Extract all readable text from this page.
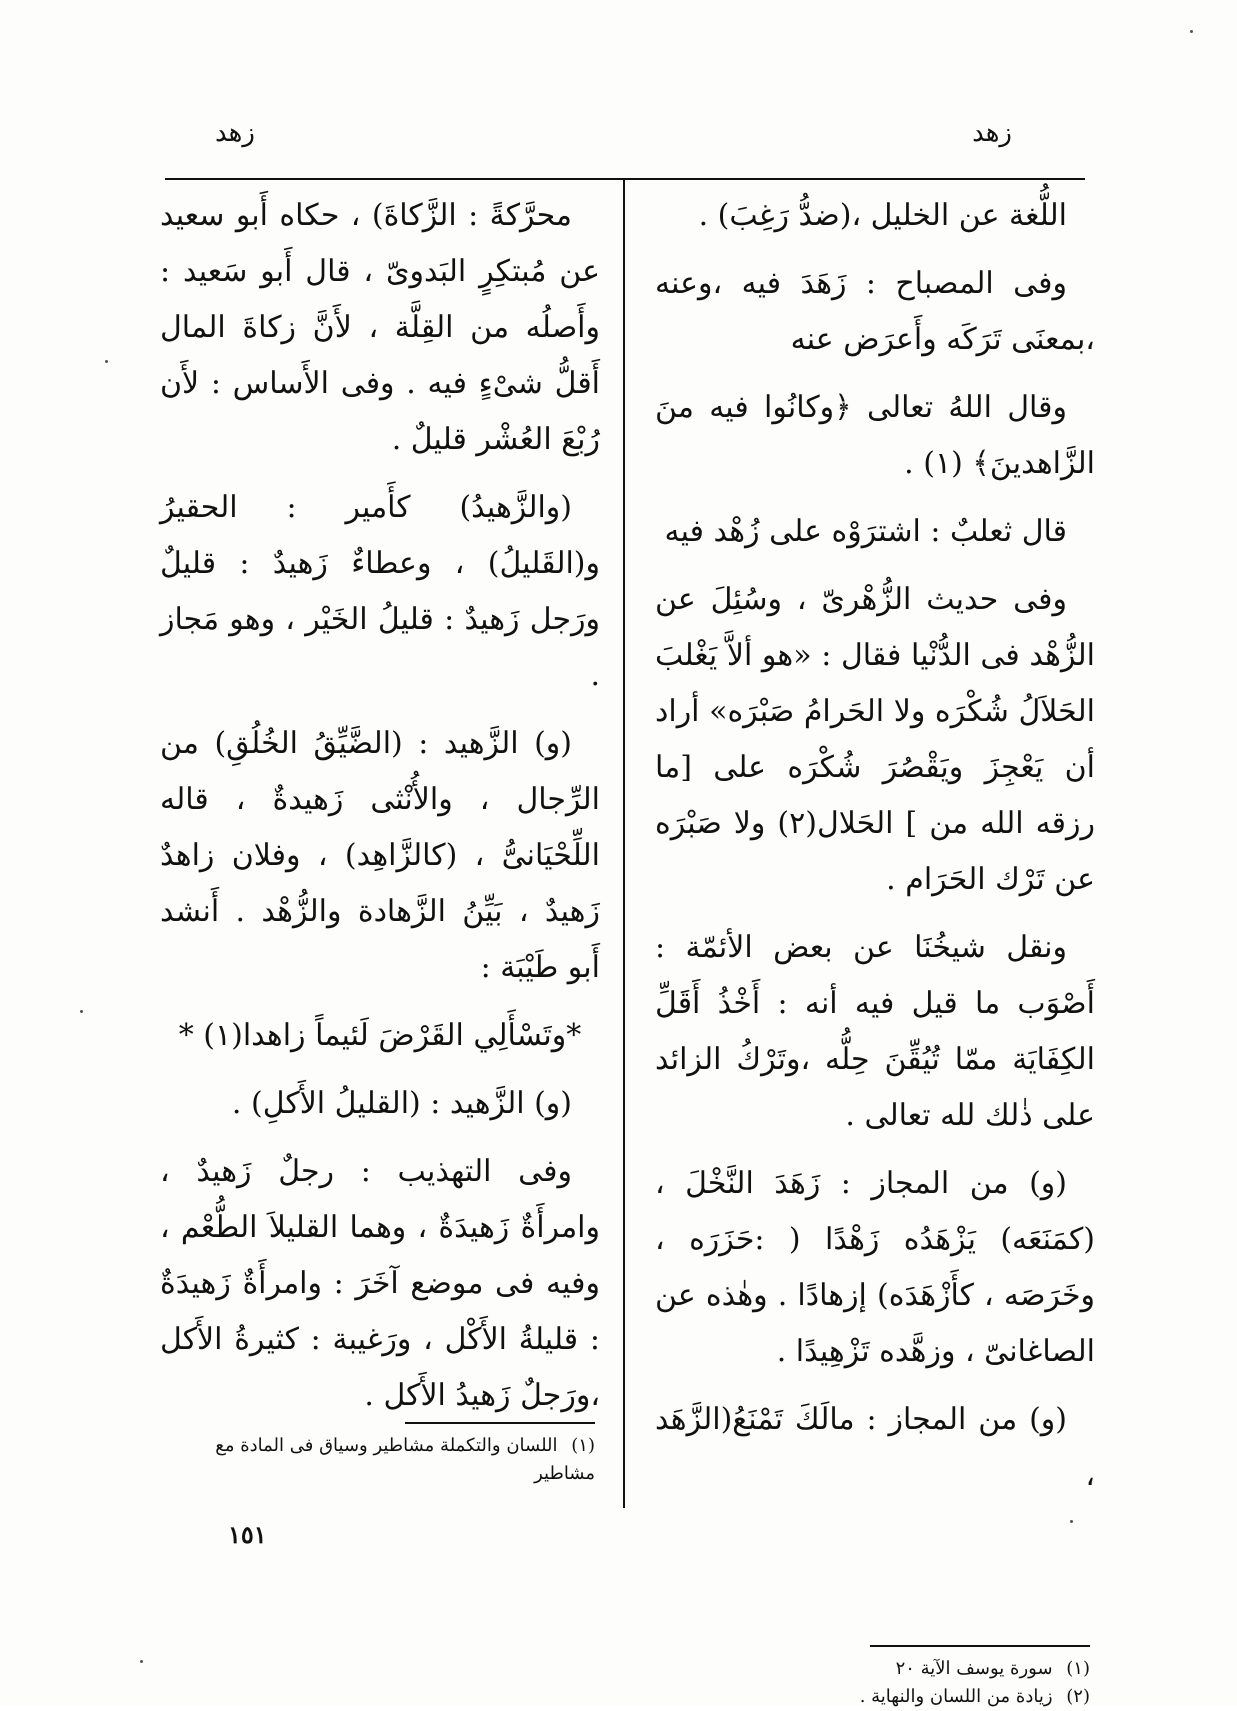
زهد
زهد

اللُّغة عن الخليل ،(ضدُّ رَغِبَ) .

وفى المصباح : زَهَدَ فيه ،وعنه ،بمعنَى تَرَكَه وأَعرَض عنه

وقال اللهُ تعالى ﴿وكانُوا فيه منَ الزَّاهدينَ﴾ (١) .

قال ثعلبٌ : اشترَوْه على زُهْد فيه

وفى حديث الزُّهْرىّ ، وسُئِلَ عن الزُّهْد فى الدُّنْيا فقال : «هو ألاَّ يَغْلبَ الحَلاَلُ شُكْرَه ولا الحَرامُ صَبْرَه» أراد أن يَعْجِزَ ويَقْصُرَ شُكْرَه على [ما رزقه الله من ] الحَلال(٢) ولا صَبْرَه عن تَرْك الحَرَام .

ونقل شيخُنَا عن بعض الأئمّة : أَصْوَب ما قيل فيه أنه : أَخْذُ أَقَلِّ الكِفَايَة ممّا تُيُقِّنَ حِلُّه ،وتَرْكُ الزائد على ذٰلك لله تعالى .

(و) من المجاز : زَهَدَ النَّخْلَ ، (كمَنَعَه) يَزْهَدُه زَهْدًا ( :حَزَرَه ، وخَرَصَه ، كأَزْهَدَه) إزهادًا . وهٰذه عن الصاغانىّ ، وزهَّده تَزْهِيدًا .

(و) من المجاز : مالَكَ تَمْنَعُ(الزَّهَد ،

محرَّكةً : الزَّكاةَ) ، حكاه أَبو سعيد عن مُبتكِرٍ البَدوىّ ، قال أَبو سَعيد : وأَصلُه من القِلَّة ، لأَنَّ زكاةَ المال أَقلُّ شىْءٍ فيه . وفى الأَساس : لأَن رُبْعَ العُشْر قليلٌ .

(والزَّهيدُ) كأَمير : الحقيرُ و(القَليلُ) ، وعطاءٌ زَهيدٌ : قليلٌ ورَجل زَهيدٌ : قليلُ الخَيْر ، وهو مَجاز .

(و) الزَّهيد : (الضَّيِّقُ الخُلُقِ) من الرِّجال ، والأُنْثى زَهيدةٌ ، قاله اللِّحْيَانىُّ ، (كالزَّاهِد) ، وفلان زاهدٌ زَهيدٌ ، بَيِّنُ الزَّهادة والزُّهْد . أَنشد أَبو طَيْبَة :

*وتَسْأَلِي القَرْضَ لَئيماً زاهدا(١) *

(و) الزَّهيد : (القليلُ الأَكلِ) .

وفى التهذيب : رجلٌ زَهيدٌ ، وامرأَةٌ زَهيدَةٌ ، وهما القليلاَ الطُّعْم ، وفيه فى موضع آخَرَ : وامرأَةٌ زَهيدَةٌ : قليلةُ الأَكْل ، ورَغيبة : كثيرةُ الأَكل ،ورَجلٌ زَهيدُ الأَكل .

(١) اللسان والتكملة مشاطير وسياق فى المادة مع مشاطير
(١) سورة يوسف الآية ٢٠
(٢) زيادة من اللسان والنهاية .
١٥١
